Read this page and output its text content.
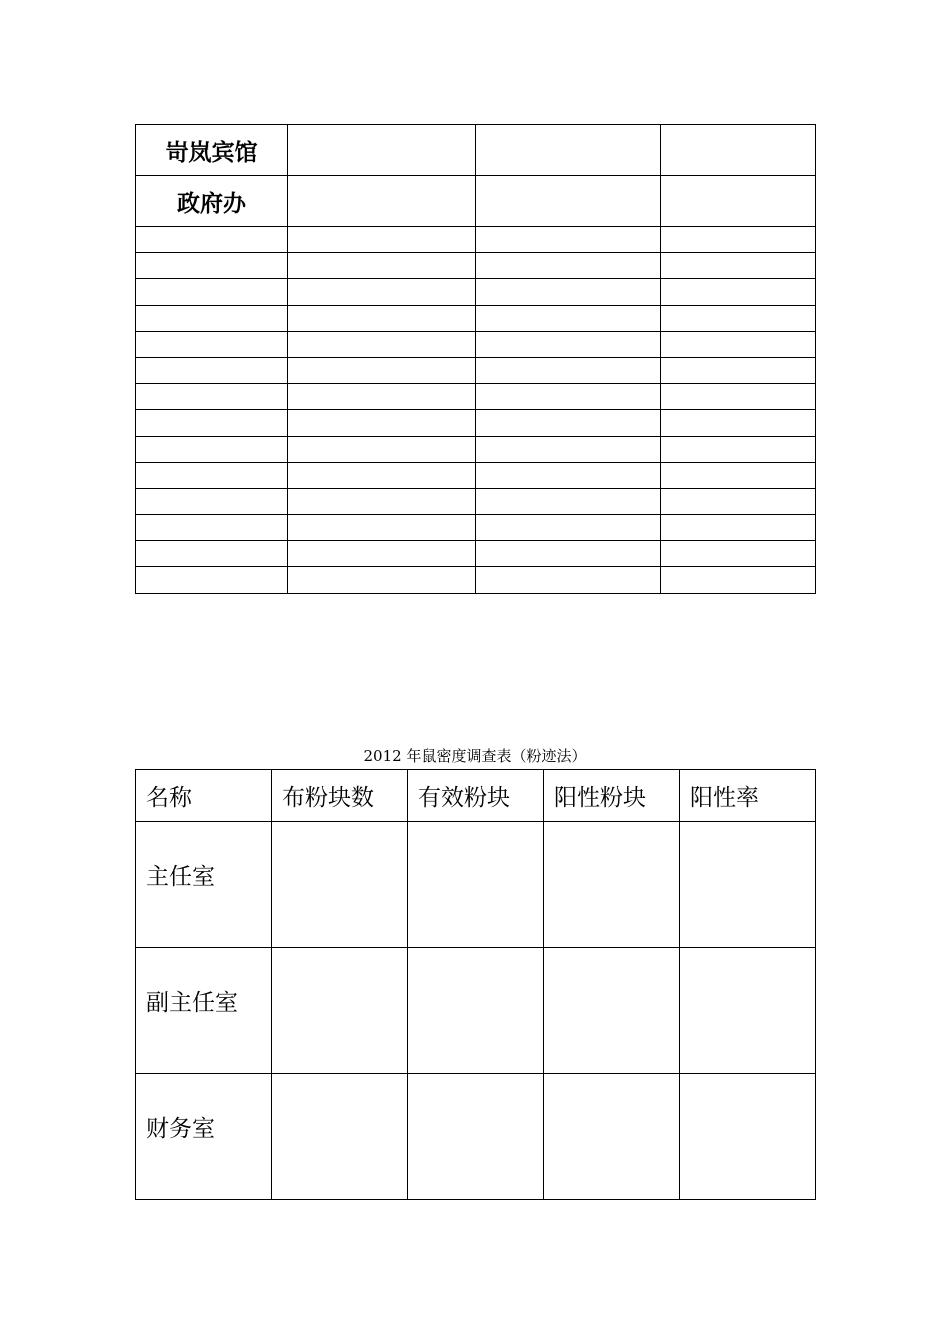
岢岚宾馆			
政府办			

2012 年鼠密度调查表（粉迹法）
名称	布粉块数	有效粉块	阳性粉块	阳性率
主任室				
副主任室				
财务室				
